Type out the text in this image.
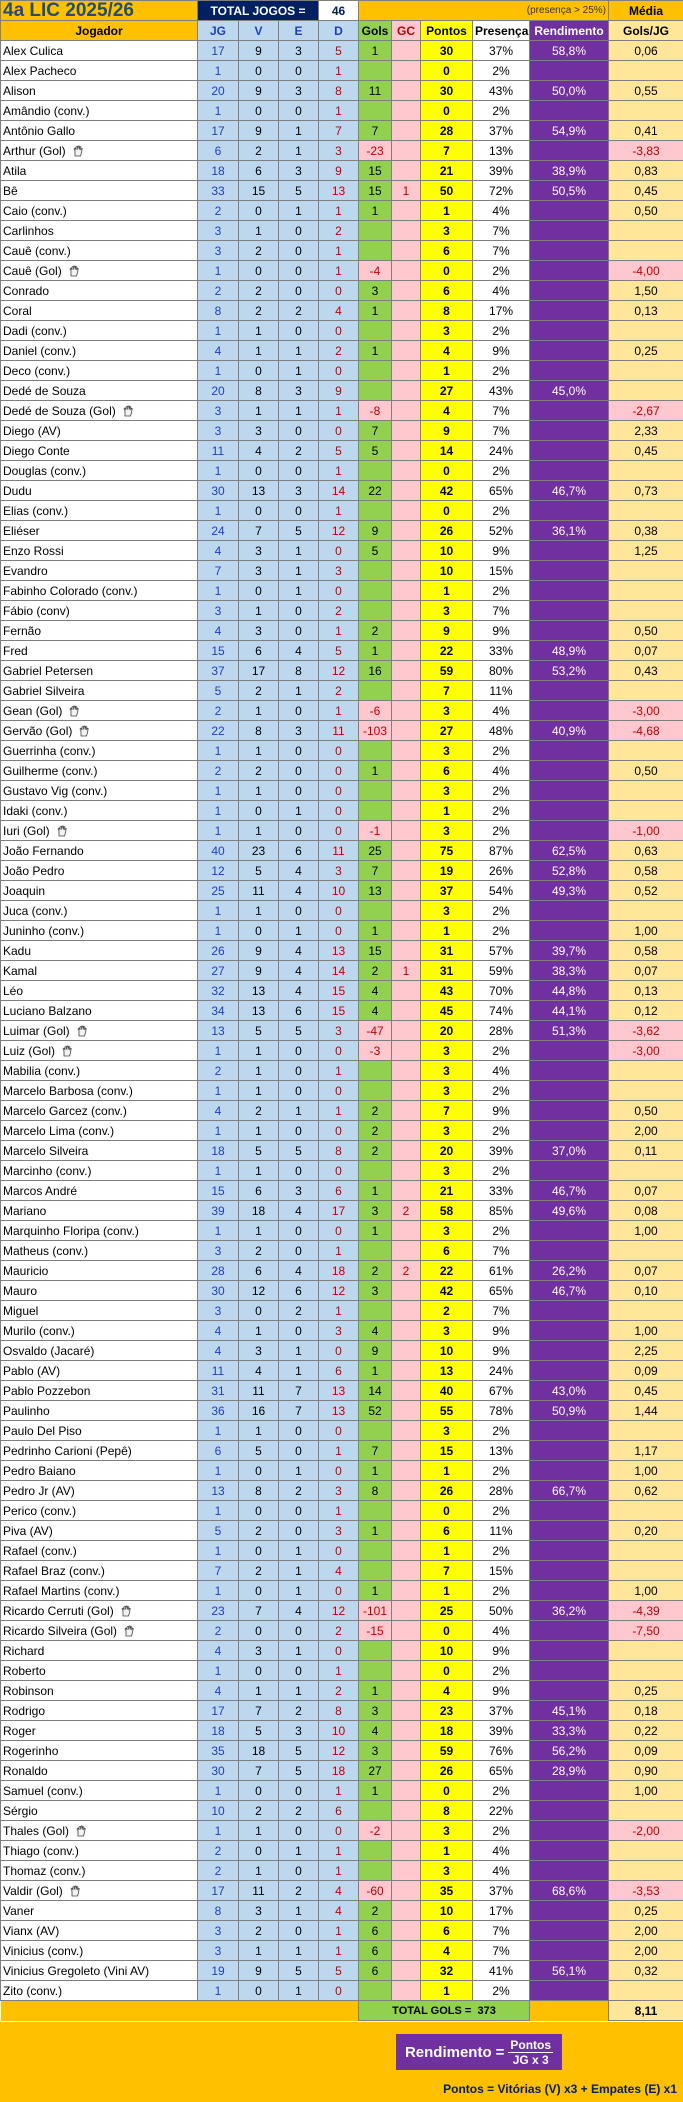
4a LIC 2025/26	TOTAL JOGOS =			46	(presença > 25%)					Média
Jogador	JG	V	E	D	Gols	GC	Pontos	Presença	Rendimento	Gols/JG
Alex Culica	17	9	3	5	1		30	37%	58,8%	0,06
Alex Pacheco	1	0	0	1			0	2%		
Alison	20	9	3	8	11		30	43%	50,0%	0,55
Amândio (conv.)	1	0	0	1			0	2%		
Antônio Gallo	17	9	1	7	7		28	37%	54,9%	0,41
Arthur (Gol)	6	2	1	3	-23		7	13%		-3,83
Atila	18	6	3	9	15		21	39%	38,9%	0,83
Bê	33	15	5	13	15	1	50	72%	50,5%	0,45
Caio (conv.)	2	0	1	1	1		1	4%		0,50
Carlinhos	3	1	0	2			3	7%		
Cauê (conv.)	3	2	0	1			6	7%		
Cauê (Gol)	1	0	0	1	-4		0	2%		-4,00
Conrado	2	2	0	0	3		6	4%		1,50
Coral	8	2	2	4	1		8	17%		0,13
Dadi (conv.)	1	1	0	0			3	2%		
Daniel (conv.)	4	1	1	2	1		4	9%		0,25
Deco (conv.)	1	0	1	0			1	2%		
Dedé de Souza	20	8	3	9			27	43%	45,0%	
Dedé de Souza (Gol)	3	1	1	1	-8		4	7%		-2,67
Diego (AV)	3	3	0	0	7		9	7%		2,33
Diego Conte	11	4	2	5	5		14	24%		0,45
Douglas (conv.)	1	0	0	1			0	2%		
Dudu	30	13	3	14	22		42	65%	46,7%	0,73
Elias (conv.)	1	0	0	1			0	2%		
Eliéser	24	7	5	12	9		26	52%	36,1%	0,38
Enzo Rossi	4	3	1	0	5		10	9%		1,25
Evandro	7	3	1	3			10	15%		
Fabinho Colorado (conv.)	1	0	1	0			1	2%		
Fábio (conv)	3	1	0	2			3	7%		
Fernão	4	3	0	1	2		9	9%		0,50
Fred	15	6	4	5	1		22	33%	48,9%	0,07
Gabriel Petersen	37	17	8	12	16		59	80%	53,2%	0,43
Gabriel Silveira	5	2	1	2			7	11%		
Gean (Gol)	2	1	0	1	-6		3	4%		-3,00
Gervão (Gol)	22	8	3	11	-103		27	48%	40,9%	-4,68
Guerrinha (conv.)	1	1	0	0			3	2%		
Guilherme (conv.)	2	2	0	0	1		6	4%		0,50
Gustavo Vig (conv.)	1	1	0	0			3	2%		
Idaki (conv.)	1	0	1	0			1	2%		
Iuri (Gol)	1	1	0	0	-1		3	2%		-1,00
João Fernando	40	23	6	11	25		75	87%	62,5%	0,63
João Pedro	12	5	4	3	7		19	26%	52,8%	0,58
Joaquin	25	11	4	10	13		37	54%	49,3%	0,52
Juca (conv.)	1	1	0	0			3	2%		
Juninho (conv.)	1	0	1	0	1		1	2%		1,00
Kadu	26	9	4	13	15		31	57%	39,7%	0,58
Kamal	27	9	4	14	2	1	31	59%	38,3%	0,07
Léo	32	13	4	15	4		43	70%	44,8%	0,13
Luciano Balzano	34	13	6	15	4		45	74%	44,1%	0,12
Luimar (Gol)	13	5	5	3	-47		20	28%	51,3%	-3,62
Luiz (Gol)	1	1	0	0	-3		3	2%		-3,00
Mabilia (conv.)	2	1	0	1			3	4%		
Marcelo Barbosa (conv.)	1	1	0	0			3	2%		
Marcelo Garcez (conv.)	4	2	1	1	2		7	9%		0,50
Marcelo Lima (conv.)	1	1	0	0	2		3	2%		2,00
Marcelo Silveira	18	5	5	8	2		20	39%	37,0%	0,11
Marcinho (conv.)	1	1	0	0			3	2%		
Marcos André	15	6	3	6	1		21	33%	46,7%	0,07
Mariano	39	18	4	17	3	2	58	85%	49,6%	0,08
Marquinho Floripa (conv.)	1	1	0	0	1		3	2%		1,00
Matheus (conv.)	3	2	0	1			6	7%		
Mauricio	28	6	4	18	2	2	22	61%	26,2%	0,07
Mauro	30	12	6	12	3		42	65%	46,7%	0,10
Miguel	3	0	2	1			2	7%		
Murilo (conv.)	4	1	0	3	4		3	9%		1,00
Osvaldo (Jacaré)	4	3	1	0	9		10	9%		2,25
Pablo (AV)	11	4	1	6	1		13	24%		0,09
Pablo Pozzebon	31	11	7	13	14		40	67%	43,0%	0,45
Paulinho	36	16	7	13	52		55	78%	50,9%	1,44
Paulo Del Piso	1	1	0	0			3	2%		
Pedrinho Carioni (Pepê)	6	5	0	1	7		15	13%		1,17
Pedro Baiano	1	0	1	0	1		1	2%		1,00
Pedro Jr (AV)	13	8	2	3	8		26	28%	66,7%	0,62
Perico (conv.)	1	0	0	1			0	2%		
Piva (AV)	5	2	0	3	1		6	11%		0,20
Rafael (conv.)	1	0	1	0			1	2%		
Rafael Braz (conv.)	7	2	1	4			7	15%		
Rafael Martins (conv.)	1	0	1	0	1		1	2%		1,00
Ricardo Cerruti (Gol)	23	7	4	12	-101		25	50%	36,2%	-4,39
Ricardo Silveira (Gol)	2	0	0	2	-15		0	4%		-7,50
Richard	4	3	1	0			10	9%		
Roberto	1	0	0	1			0	2%		
Robinson	4	1	1	2	1		4	9%		0,25
Rodrigo	17	7	2	8	3		23	37%	45,1%	0,18
Roger	18	5	3	10	4		18	39%	33,3%	0,22
Rogerinho	35	18	5	12	3		59	76%	56,2%	0,09
Ronaldo	30	7	5	18	27		26	65%	28,9%	0,90
Samuel (conv.)	1	0	0	1	1		0	2%		1,00
Sérgio	10	2	2	6			8	22%		
Thales (Gol)	1	1	0	0	-2		3	2%		-2,00
Thiago (conv.)	2	0	1	1			1	4%		
Thomaz (conv.)	2	1	0	1			3	4%		
Valdir (Gol)	17	11	2	4	-60		35	37%	68,6%	-3,53
Vaner	8	3	1	4	2		10	17%		0,25
Vianx (AV)	3	2	0	1	6		6	7%		2,00
Vinicius (conv.)	3	1	1	1	6		4	7%		2,00
Vinicius Gregoleto (Vini AV)	19	9	5	5	6		32	41%	56,1%	0,32
Zito (conv.)	1	0	1	0			1	2%		
					TOTAL GOLS = 373					8,11
Rendimento = $\frac{\text{Pontos}}{\text{JG x 3}}$
Pontos = Vitórias (V) x3 + Empates (E) x1
